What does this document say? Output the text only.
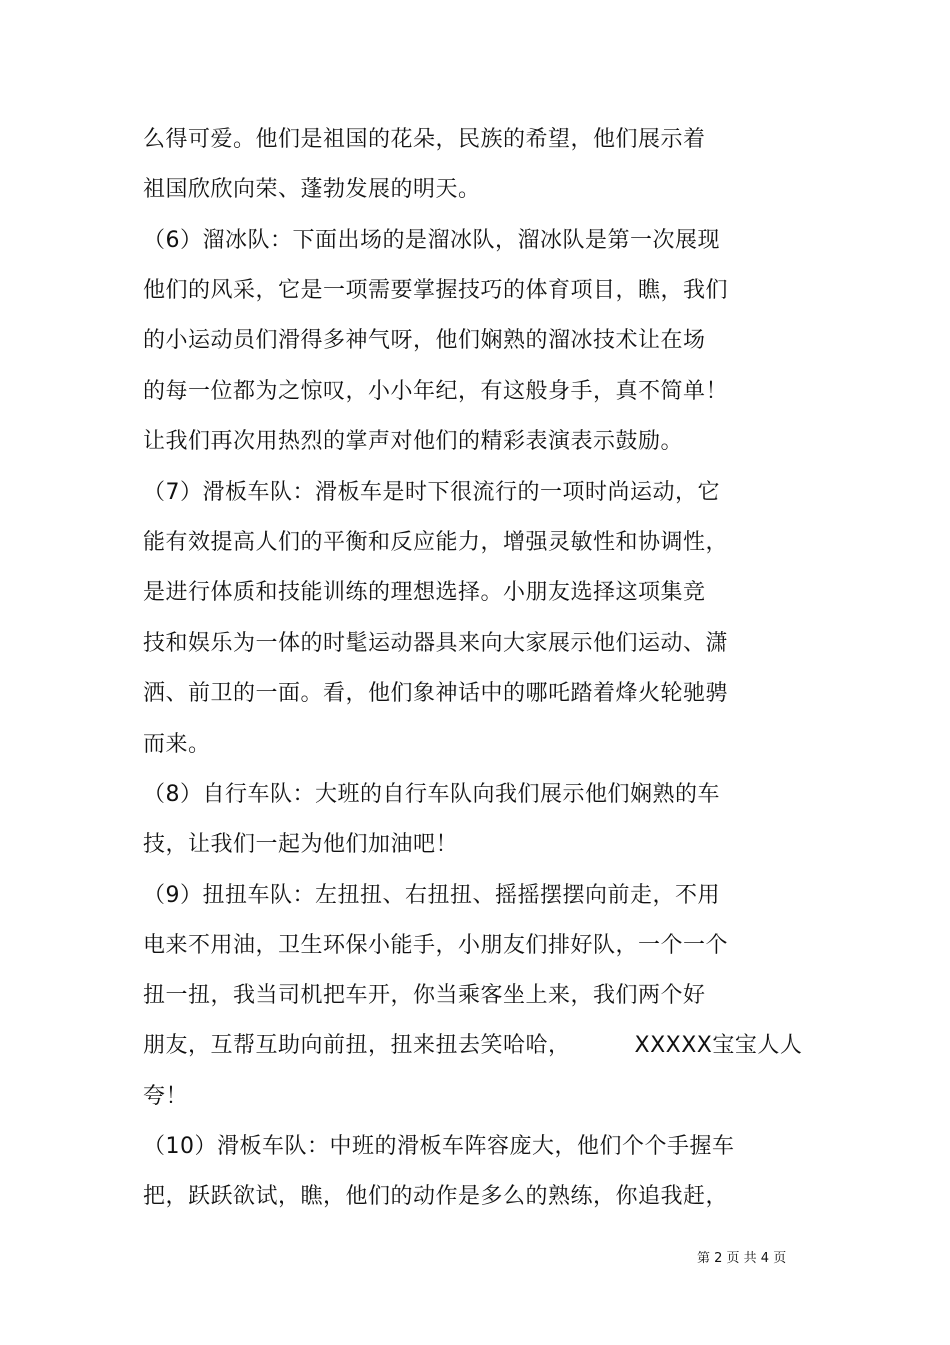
么得可爱。他们是祖国的花朵，民族的希望，他们展示着
祖国欣欣向荣、蓬勃发展的明天。
（6）溜冰队：下面出场的是溜冰队，溜冰队是第一次展现
他们的风采，它是一项需要掌握技巧的体育项目，瞧，我们
的小运动员们滑得多神气呀，他们娴熟的溜冰技术让在场
的每一位都为之惊叹，小小年纪，有这般身手，真不简单！
让我们再次用热烈的掌声对他们的精彩表演表示鼓励。
（7）滑板车队：滑板车是时下很流行的一项时尚运动，它
能有效提高人们的平衡和反应能力，增强灵敏性和协调性，
是进行体质和技能训练的理想选择。小朋友选择这项集竞
技和娱乐为一体的时髦运动器具来向大家展示他们运动、潇
洒、前卫的一面。看，他们象神话中的哪吒踏着烽火轮驰骋
而来。
（8）自行车队：大班的自行车队向我们展示他们娴熟的车
技，让我们一起为他们加油吧！
（9）扭扭车队：左扭扭、右扭扭、摇摇摆摆向前走，不用
电来不用油，卫生环保小能手，小朋友们排好队，一个一个
扭一扭，我当司机把车开，你当乘客坐上来，我们两个好
朋友，互帮互助向前扭，扭来扭去笑哈哈，	XXXXX宝宝人人
夸！
（10）滑板车队：中班的滑板车阵容庞大，他们个个手握车
把，跃跃欲试，瞧，他们的动作是多么的熟练，你追我赶，
第 2 页 共 4 页
